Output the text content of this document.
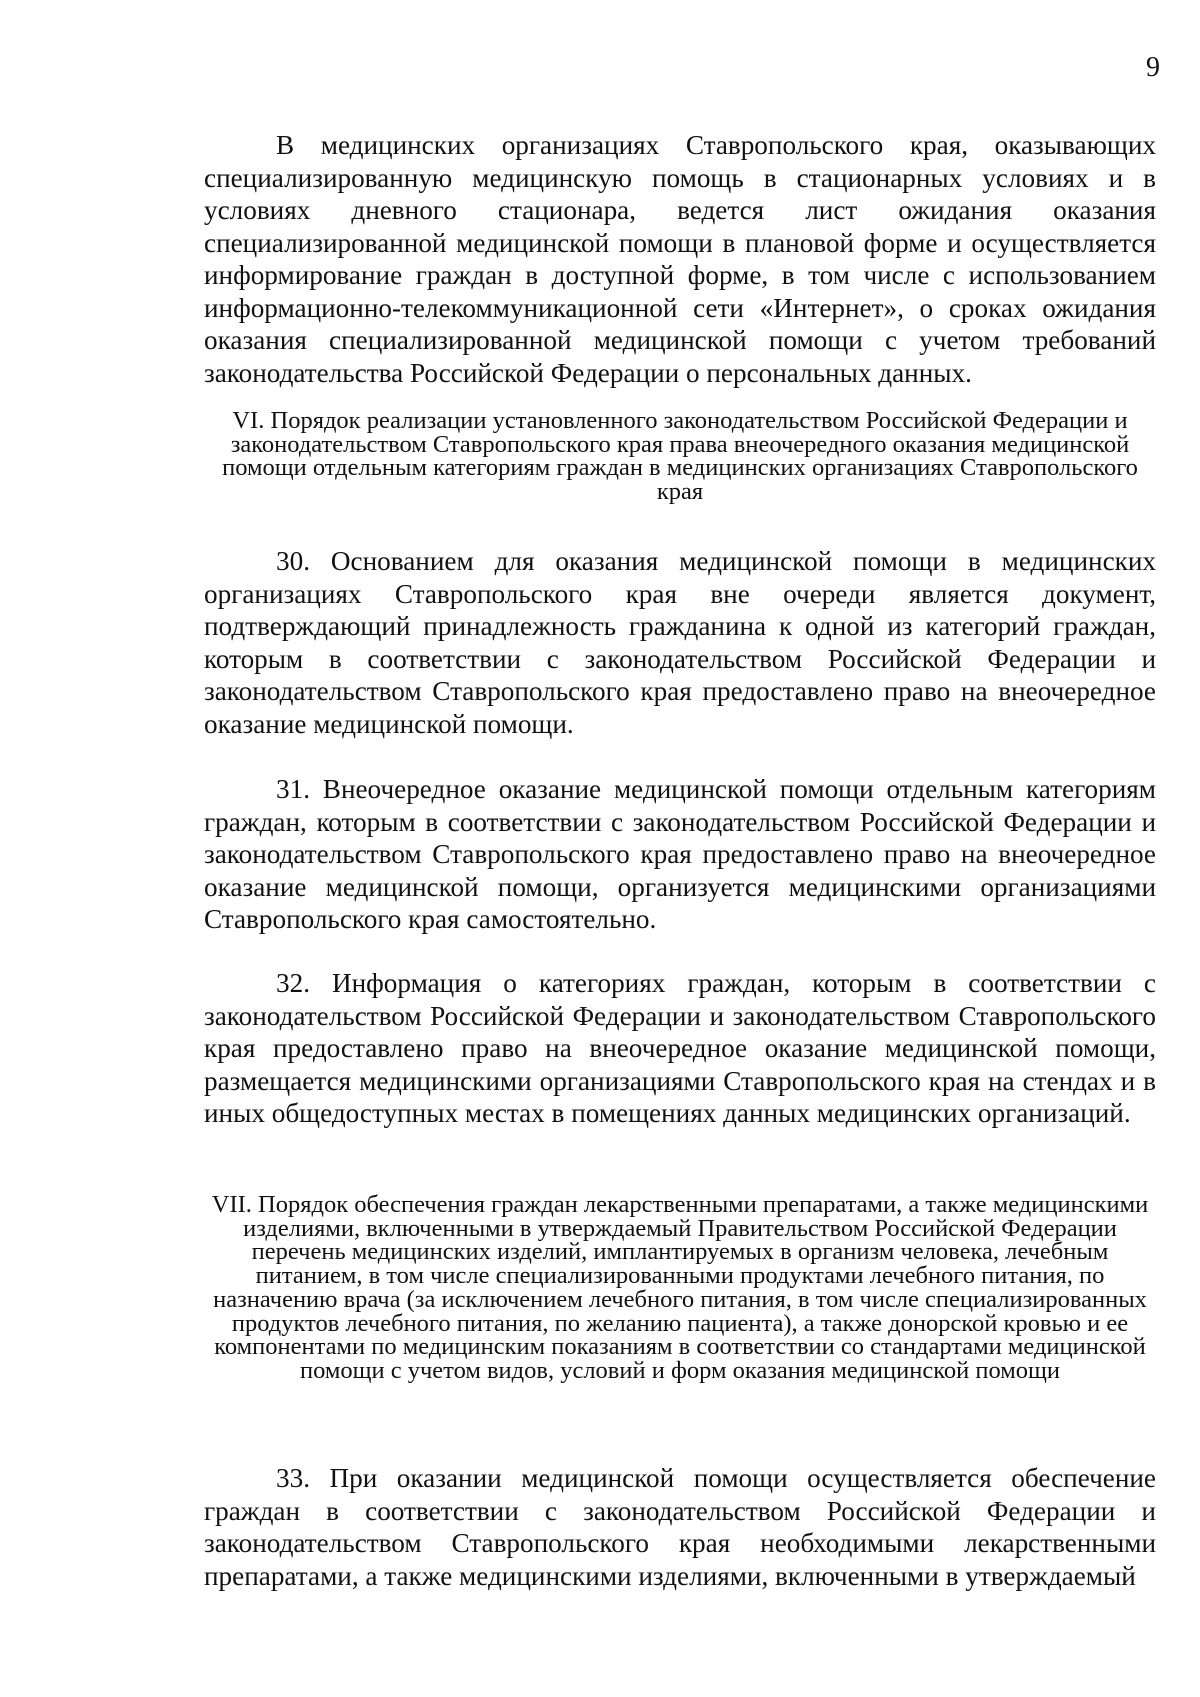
9

В медицинских организациях Ставропольского края, оказывающих специализированную медицинскую помощь в стационарных условиях и в условиях дневного стационара, ведется лист ожидания оказания специализированной медицинской помощи в плановой форме и осуществляется информирование граждан в доступной форме, в том числе с использованием информационно-телекоммуникационной сети «Интернет», о сроках ожидания оказания специализированной медицинской помощи с учетом требований законодательства Российской Федерации о персональных данных.

VI. Порядок реализации установленного законодательством Российской Федерации и законодательством Ставропольского края права внеочередного оказания медицинской помощи отдельным категориям граждан в медицинских организациях Ставропольского края

30. Основанием для оказания медицинской помощи в медицинских организациях Ставропольского края вне очереди является документ, подтверждающий принадлежность гражданина к одной из категорий граждан, которым в соответствии с законодательством Российской Федерации и законодательством Ставропольского края предоставлено право на внеочередное оказание медицинской помощи.

31. Внеочередное оказание медицинской помощи отдельным категориям граждан, которым в соответствии с законодательством Российской Федерации и законодательством Ставропольского края предоставлено право на внеочередное оказание медицинской помощи, организуется медицинскими организациями Ставропольского края самостоятельно.

32. Информация о категориях граждан, которым в соответствии с законодательством Российской Федерации и законодательством Ставропольского края предоставлено право на внеочередное оказание медицинской помощи, размещается медицинскими организациями Ставропольского края на стендах и в иных общедоступных местах в помещениях данных медицинских организаций.

VII. Порядок обеспечения граждан лекарственными препаратами, а также медицинскими изделиями, включенными в утверждаемый Правительством Российской Федерации перечень медицинских изделий, имплантируемых в организм человека, лечебным питанием, в том числе специализированными продуктами лечебного питания, по назначению врача (за исключением лечебного питания, в том числе специализированных продуктов лечебного питания, по желанию пациента), а также донорской кровью и ее компонентами по медицинским показаниям в соответствии со стандартами медицинской помощи с учетом видов, условий и форм оказания медицинской помощи

33. При оказании медицинской помощи осуществляется обеспечение граждан в соответствии с законодательством Российской Федерации и законодательством Ставропольского края необходимыми лекарственными препаратами, а также медицинскими изделиями, включенными в утверждаемый
